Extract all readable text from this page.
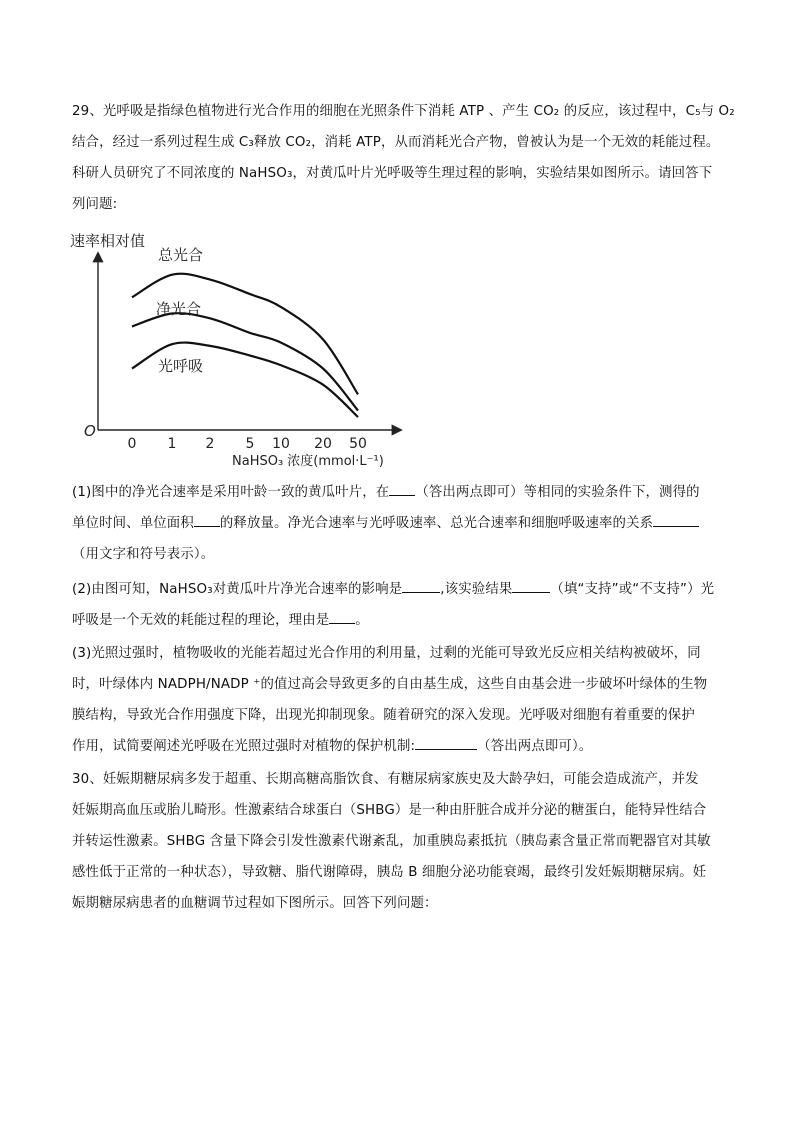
29、光呼吸是指绿色植物进行光合作用的细胞在光照条件下消耗 ATP 、产生 CO₂ 的反应，该过程中，C₅与 O₂
结合，经过一系列过程生成 C₃释放 CO₂，消耗 ATP，从而消耗光合产物，曾被认为是一个无效的耗能过程。
科研人员研究了不同浓度的 NaHSO₃，对黄瓜叶片光呼吸等生理过程的影响，实验结果如图所示。请回答下
列问题:
速率相对值
O
NaHSO₃ 浓度(mmol·L⁻¹)
0 1 2 5 10 20 50
总光合
净光合
光呼吸
(1)图中的净光合速率是采用叶龄一致的黄瓜叶片，在 （答出两点即可）等相同的实验条件下，测得的
单位时间、单位面积 的释放量。净光合速率与光呼吸速率、总光合速率和细胞呼吸速率的关系
（用文字和符号表示）。
(2)由图可知，NaHSO₃对黄瓜叶片净光合速率的影响是	,该实验结果	（填“支持”或“不支持”）光
呼吸是一个无效的耗能过程的理论，理由是 。
(3)光照过强时，植物吸收的光能若超过光合作用的利用量，过剩的光能可导致光反应相关结构被破坏，同
时，叶绿体内 NADPH/NADP ⁺的值过高会导致更多的自由基生成，这些自由基会进一步破坏叶绿体的生物
膜结构，导致光合作用强度下降，出现光抑制现象。随着研究的深入发现。光呼吸对细胞有着重要的保护
作用，试简要阐述光呼吸在光照过强时对植物的保护机制:	（答出两点即可）。
30、妊娠期糖尿病多发于超重、长期高糖高脂饮食、有糖尿病家族史及大龄孕妇，可能会造成流产，并发
妊娠期高血压或胎儿畸形。性激素结合球蛋白（SHBG）是一种由肝脏合成并分泌的糖蛋白，能特异性结合
并转运性激素。SHBG 含量下降会引发性激素代谢紊乱，加重胰岛素抵抗（胰岛素含量正常而靶器官对其敏
感性低于正常的一种状态），导致糖、脂代谢障碍，胰岛 B 细胞分泌功能衰竭，最终引发妊娠期糖尿病。妊
娠期糖尿病患者的血糖调节过程如下图所示。回答下列问题：
